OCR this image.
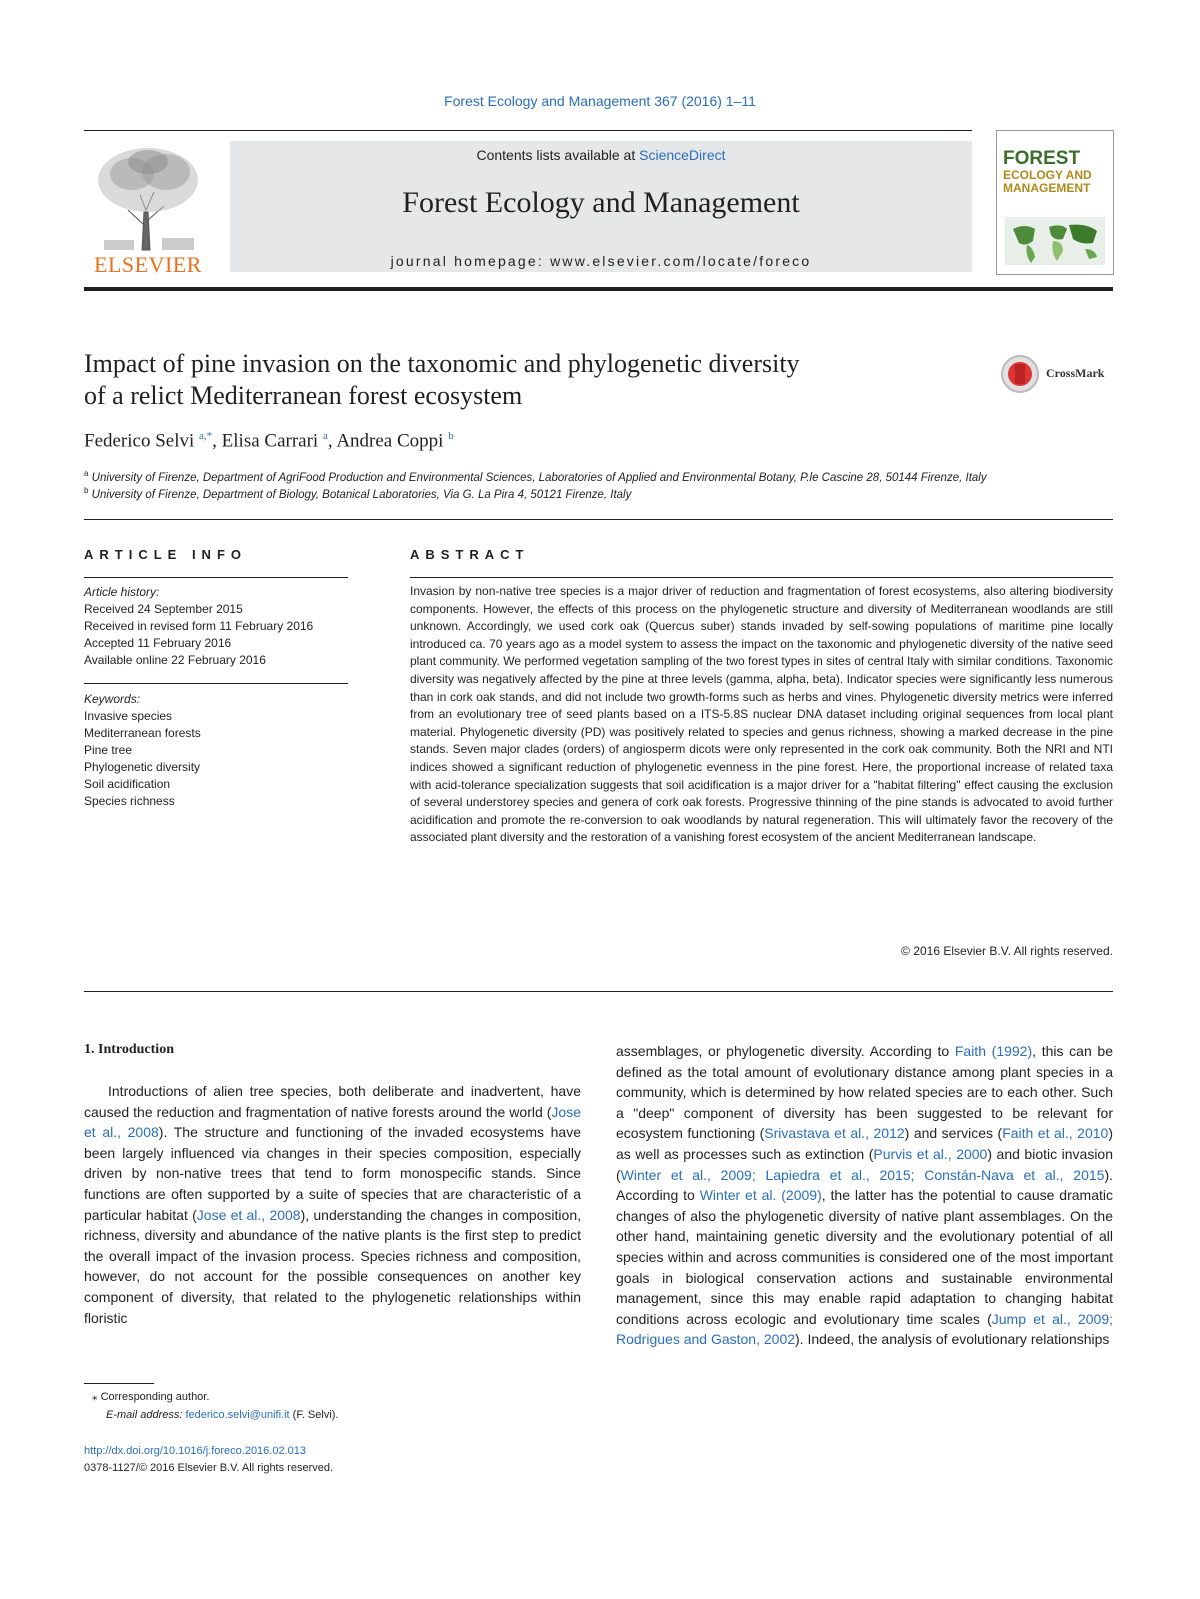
Forest Ecology and Management 367 (2016) 1–11
ELSEVIER
Contents lists available at ScienceDirect
Forest Ecology and Management
journal homepage: www.elsevier.com/locate/foreco
FOREST
ECOLOGY AND
MANAGEMENT
Impact of pine invasion on the taxonomic and phylogenetic diversity
of a relict Mediterranean forest ecosystem
CrossMark
Federico Selvi $^{a,*}$, Elisa Carrari $^a$, Andrea Coppi $^b$
$^a$ University of Firenze, Department of AgriFood Production and Environmental Sciences, Laboratories of Applied and Environmental Botany, P.le Cascine 28, 50144 Firenze, Italy
$^b$ University of Firenze, Department of Biology, Botanical Laboratories, Via G. La Pira 4, 50121 Firenze, Italy
ARTICLE INFO
Article history:
Received 24 September 2015
Received in revised form 11 February 2016
Accepted 11 February 2016
Available online 22 February 2016
Keywords:
Invasive species
Mediterranean forests
Pine tree
Phylogenetic diversity
Soil acidification
Species richness
ABSTRACT
Invasion by non-native tree species is a major driver of reduction and fragmentation of forest ecosystems, also altering biodiversity components. However, the effects of this process on the phylogenetic structure and diversity of Mediterranean woodlands are still unknown. Accordingly, we used cork oak (Quercus suber) stands invaded by self-sowing populations of maritime pine locally introduced ca. 70 years ago as a model system to assess the impact on the taxonomic and phylogenetic diversity of the native seed plant community. We performed vegetation sampling of the two forest types in sites of central Italy with similar conditions. Taxonomic diversity was negatively affected by the pine at three levels (gamma, alpha, beta). Indicator species were significantly less numerous than in cork oak stands, and did not include two growth-forms such as herbs and vines. Phylogenetic diversity metrics were inferred from an evolutionary tree of seed plants based on a ITS-5.8S nuclear DNA dataset including original sequences from local plant material. Phylogenetic diversity (PD) was positively related to species and genus richness, showing a marked decrease in the pine stands. Seven major clades (orders) of angiosperm dicots were only represented in the cork oak community. Both the NRI and NTI indices showed a significant reduction of phylogenetic evenness in the pine forest. Here, the proportional increase of related taxa with acid-tolerance specialization suggests that soil acidification is a major driver for a "habitat filtering" effect causing the exclusion of several understorey species and genera of cork oak forests. Progressive thinning of the pine stands is advocated to avoid further acidification and promote the re-conversion to oak woodlands by natural regeneration. This will ultimately favor the recovery of the associated plant diversity and the restoration of a vanishing forest ecosystem of the ancient Mediterranean landscape.
© 2016 Elsevier B.V. All rights reserved.
1. Introduction
Introductions of alien tree species, both deliberate and inadvertent, have caused the reduction and fragmentation of native forests around the world (Jose et al., 2008). The structure and functioning of the invaded ecosystems have been largely influenced via changes in their species composition, especially driven by non-native trees that tend to form monospecific stands. Since functions are often supported by a suite of species that are characteristic of a particular habitat (Jose et al., 2008), understanding the changes in composition, richness, diversity and abundance of the native plants is the first step to predict the overall impact of the invasion process. Species richness and composition, however, do not account for the possible consequences on another key component of diversity, that related to the phylogenetic relationships within floristic
assemblages, or phylogenetic diversity. According to Faith (1992), this can be defined as the total amount of evolutionary distance among plant species in a community, which is determined by how related species are to each other. Such a "deep" component of diversity has been suggested to be relevant for ecosystem functioning (Srivastava et al., 2012) and services (Faith et al., 2010) as well as processes such as extinction (Purvis et al., 2000) and biotic invasion (Winter et al., 2009; Lapiedra et al., 2015; Constán-Nava et al., 2015). According to Winter et al. (2009), the latter has the potential to cause dramatic changes of also the phylogenetic diversity of native plant assemblages. On the other hand, maintaining genetic diversity and the evolutionary potential of all species within and across communities is considered one of the most important goals in biological conservation actions and sustainable environmental management, since this may enable rapid adaptation to changing habitat conditions across ecologic and evolutionary time scales (Jump et al., 2009; Rodrigues and Gaston, 2002). Indeed, the analysis of evolutionary relationships
⁎ Corresponding author.
E-mail address: federico.selvi@unifi.it (F. Selvi).
http://dx.doi.org/10.1016/j.foreco.2016.02.013
0378-1127/© 2016 Elsevier B.V. All rights reserved.
